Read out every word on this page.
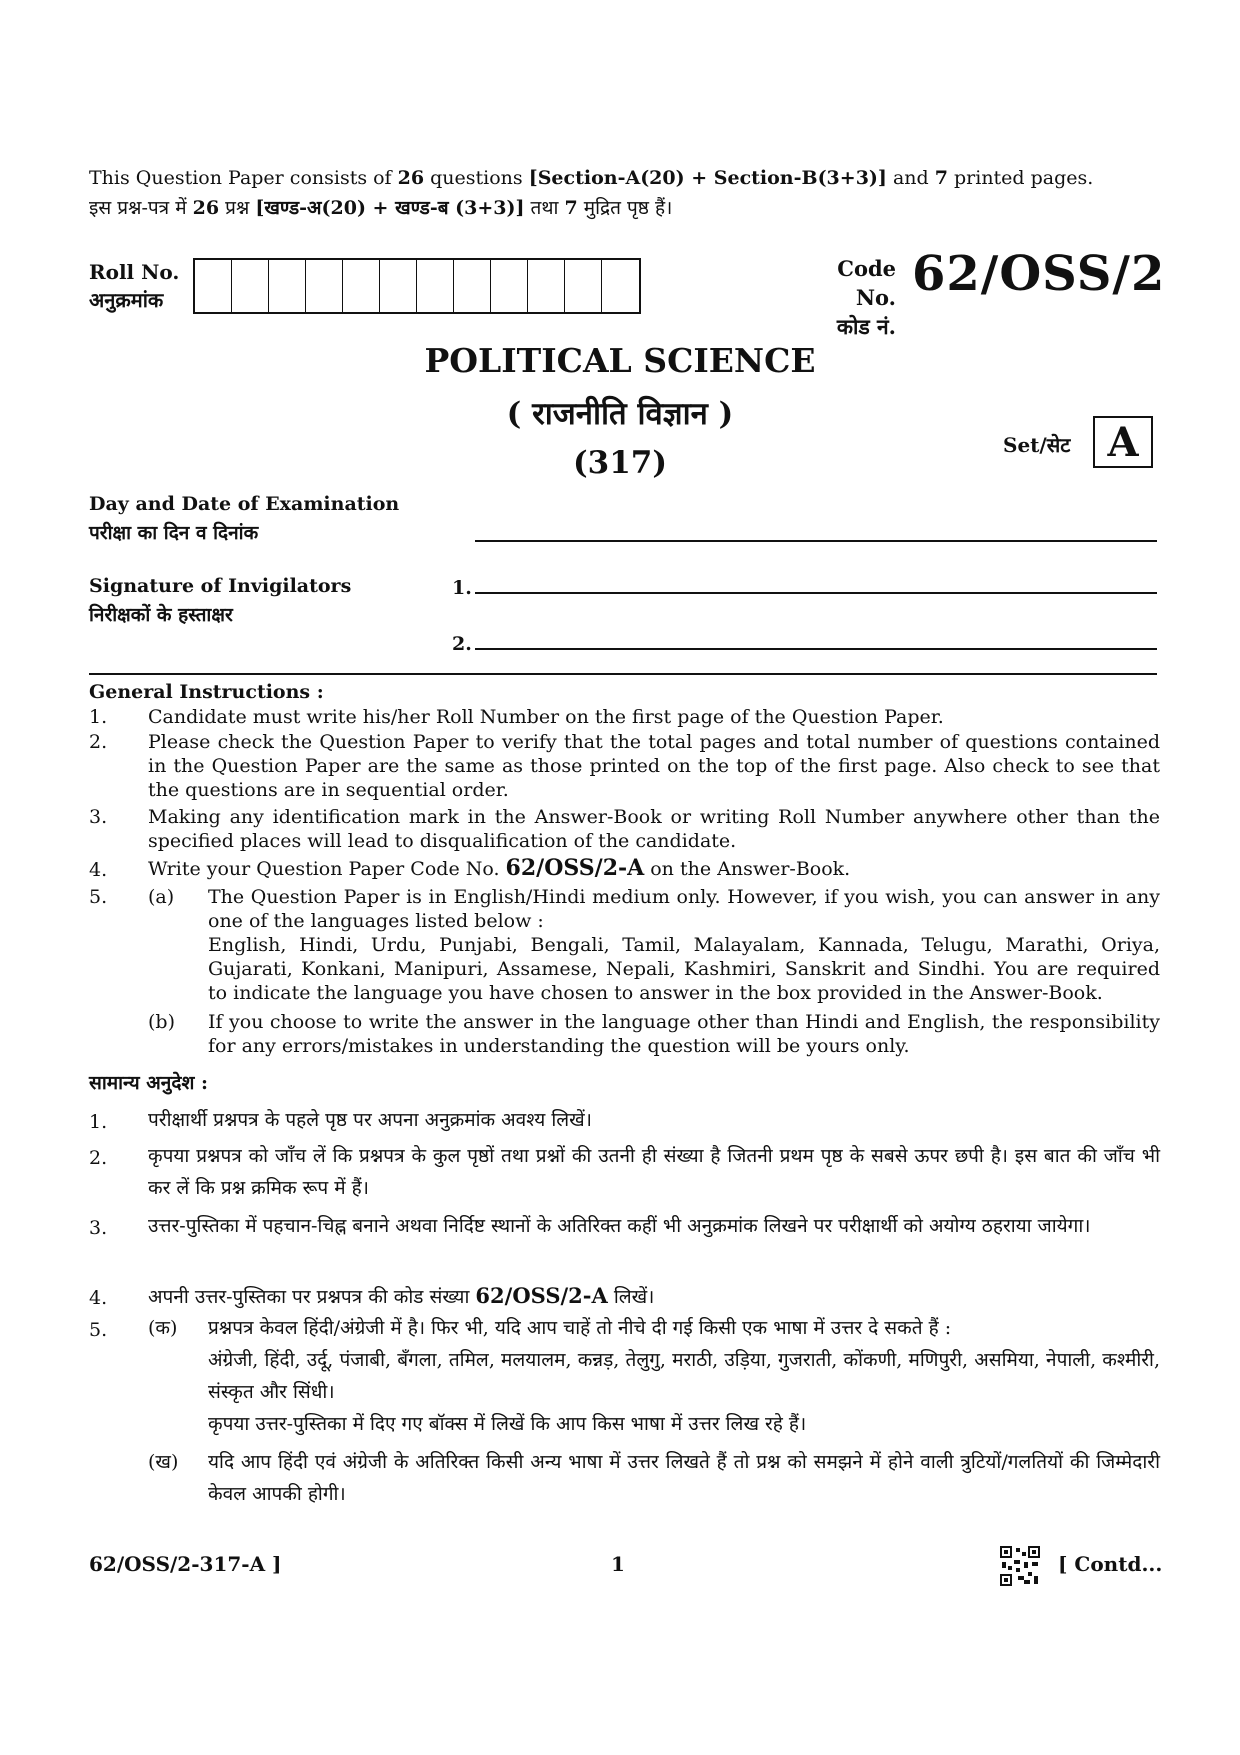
This Question Paper consists of 26 questions [Section-A(20) + Section-B(3+3)] and 7 printed pages.
इस प्रश्न-पत्र में 26 प्रश्न [खण्ड-अ(20) + खण्ड-ब (3+3)] तथा 7 मुद्रित पृष्ठ हैं।
Roll No.
अनुक्रमांक
Code No.
कोड नं.
62/OSS/2
POLITICAL SCIENCE
( राजनीति विज्ञान )
(317)	Set/सेट A
Day and Date of Examination
परीक्षा का दिन व दिनांक
Signature of Invigilators
निरीक्षकों के हस्ताक्षर
1.
2.
General Instructions :
1.	Candidate must write his/her Roll Number on the first page of the Question Paper.
2.	Please check the Question Paper to verify that the total pages and total number of questions contained in the Question Paper are the same as those printed on the top of the first page. Also check to see that the questions are in sequential order.
3.	Making any identification mark in the Answer-Book or writing Roll Number anywhere other than the specified places will lead to disqualification of the candidate.
4.	Write your Question Paper Code No. 62/OSS/2-A on the Answer-Book.
5.	(a) The Question Paper is in English/Hindi medium only. However, if you wish, you can answer in any one of the languages listed below :
English, Hindi, Urdu, Punjabi, Bengali, Tamil, Malayalam, Kannada, Telugu, Marathi, Oriya, Gujarati, Konkani, Manipuri, Assamese, Nepali, Kashmiri, Sanskrit and Sindhi. You are required to indicate the language you have chosen to answer in the box provided in the Answer-Book.
(b) If you choose to write the answer in the language other than Hindi and English, the responsibility for any errors/mistakes in understanding the question will be yours only.
सामान्य अनुदेश :
1.	परीक्षार्थी प्रश्नपत्र के पहले पृष्ठ पर अपना अनुक्रमांक अवश्य लिखें।
2.	कृपया प्रश्नपत्र को जाँच लें कि प्रश्नपत्र के कुल पृष्ठों तथा प्रश्नों की उतनी ही संख्या है जितनी प्रथम पृष्ठ के सबसे ऊपर छपी है। इस बात की जाँच भी कर लें कि प्रश्न क्रमिक रूप में हैं।
3.	उत्तर-पुस्तिका में पहचान-चिह्न बनाने अथवा निर्दिष्ट स्थानों के अतिरिक्त कहीं भी अनुक्रमांक लिखने पर परीक्षार्थी को अयोग्य ठहराया जायेगा।
4.	अपनी उत्तर-पुस्तिका पर प्रश्नपत्र की कोड संख्या 62/OSS/2-A लिखें।
5.	(क) प्रश्नपत्र केवल हिंदी/अंग्रेजी में है। फिर भी, यदि आप चाहें तो नीचे दी गई किसी एक भाषा में उत्तर दे सकते हैं :
अंग्रेजी, हिंदी, उर्दू, पंजाबी, बँगला, तमिल, मलयालम, कन्नड़, तेलुगु, मराठी, उड़िया, गुजराती, कोंकणी, मणिपुरी, असमिया, नेपाली, कश्मीरी, संस्कृत और सिंधी।
कृपया उत्तर-पुस्तिका में दिए गए बॉक्स में लिखें कि आप किस भाषा में उत्तर लिख रहे हैं।
(ख) यदि आप हिंदी एवं अंग्रेजी के अतिरिक्त किसी अन्य भाषा में उत्तर लिखते हैं तो प्रश्न को समझने में होने वाली त्रुटियों/गलतियों की जिम्मेदारी केवल आपकी होगी।
62/OSS/2-317-A ]	1	[ Contd...
